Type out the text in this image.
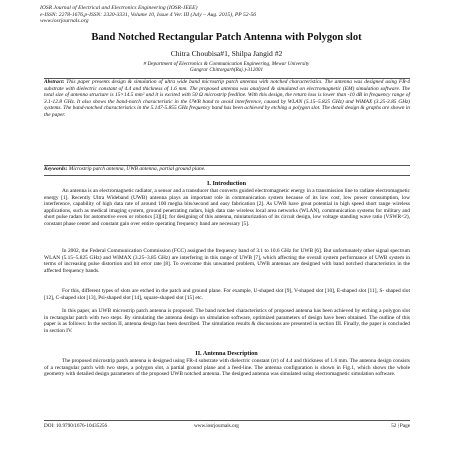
IOSR Journal of Electrical and Electronics Engineering (IOSR-JEEE)
e-ISSN: 2278-1676,p-ISSN: 2320-3331, Volume 10, Issue 4 Ver. III (July – Aug. 2015), PP 52-56
www.iosrjournals.org
Band Notched Rectangular Patch Antenna with Polygon slot
Chitra Choubisa#1, Shilpa Jangid #2
# Department of Electronics & Communication Engineering, Mewar University
Gangrar Chittorgarh(Raj.)-312001
Abstract: This paper presents design & simulation of ultra wide band microstrip patch antenna with notched characteristics. The antenna was designed using FR-4 substrate with dielectric constant of 4.4 and thickness of 1.6 mm. The proposed antenna was analyzed & simulated on electromagnetic (EM) simulation software. The total size of antenna structure is 15×14.5 mm² and it is excited with 50 Ω microstrip feedline. With this design, the return loss is lower than -10 dB in frequency range of 3.1-12.8 GHz. It also shows the band-notch characteristic in the UWB band to avoid interference, caused by WLAN (5.15–5.825 GHz) and WiMAX (3.25-3.85 GHz) systems. The band-notched characteristics in the 5.147-5.855 GHz frequency band has been achieved by etching a polygon slot. The detail design & graphs are shown in the paper.
Keywords: Microstrip patch antenna, UWB antenna, partial ground plane.
I. Introduction
An antenna is an electromagnetic radiator, a sensor and a transducer that converts guided electromagnetic energy in a transmission line to radiate electromagnetic energy [1]. Recently Ultra Wideband (UWB) antenna plays an important role in communication system because of its low cost, low power consumption, low interference, capability of high data rate of around 100 megha bits/second and easy fabrication [2]. As UWB have great potential in high speed short range wireless applications, such as medical imaging system, ground penetrating radars, high data rate wireless local area networks (WLAN), communication systems for military and short pulse radars for automotive even or robotics [3][4]; for designing of this antenna, miniaturization of its circuit design, low voltage standing wave ratio (VSWR<2), constant phase center and constant gain over entire operating frequency band are necessary [5].
In 2002, the Federal Communication Commission (FCC) assigned the frequency band of 3.1 to 10.6 GHz for UWB [6]. But unfortunately other signal spectrum WLAN (5.15–5.825 GHz) and WiMAX (3.25–3.85 GHz) are interfering in this range of UWB [7], which affecting the overall system performance of UWB system in terms of increasing pulse distortion and bit error rate [8]. To overcome this unwanted problem, UWB antennas are designed with band notched characteristics in the affected frequency bands.
For this, different types of slots are etched in the patch and ground plane. For example, U-shaped slot [9], V-shaped slot [10], E-shaped slot [11], S- shaped slot [12], C-shaped slot [13], Psi-shaped slot [14], square-shaped slot [15] etc.
In this paper, an UWB microstrip patch antenna is proposed. The band notched characteristics of proposed antenna has been achieved by etching a polygon slot in rectangular patch with two steps. By simulating the antenna design on simulation software, optimized parameters of design have been obtained. The outline of this paper is as follows: In the section II, antenna design has been described. The simulation results & discussions are presented in section III. Finally, the paper is concluded in section IV.
II. Antenna Description
The proposed microstrip patch antenna is designed using FR-4 substrate with dielectric constant (εr) of 4.4 and thickness of 1.6 mm. The antenna design consists of a rectangular patch with two steps, a polygon slot, a partial ground plane and a feed-line. The antenna configuration is shown in Fig.1, which shows the whole geometry with detailed design parameters of the proposed UWB notched antenna. The designed antenna was simulated using electromagnetic simulation software.
DOI: 10.9790/1676-10435256	www.iosrjournals.org	52 | Page
